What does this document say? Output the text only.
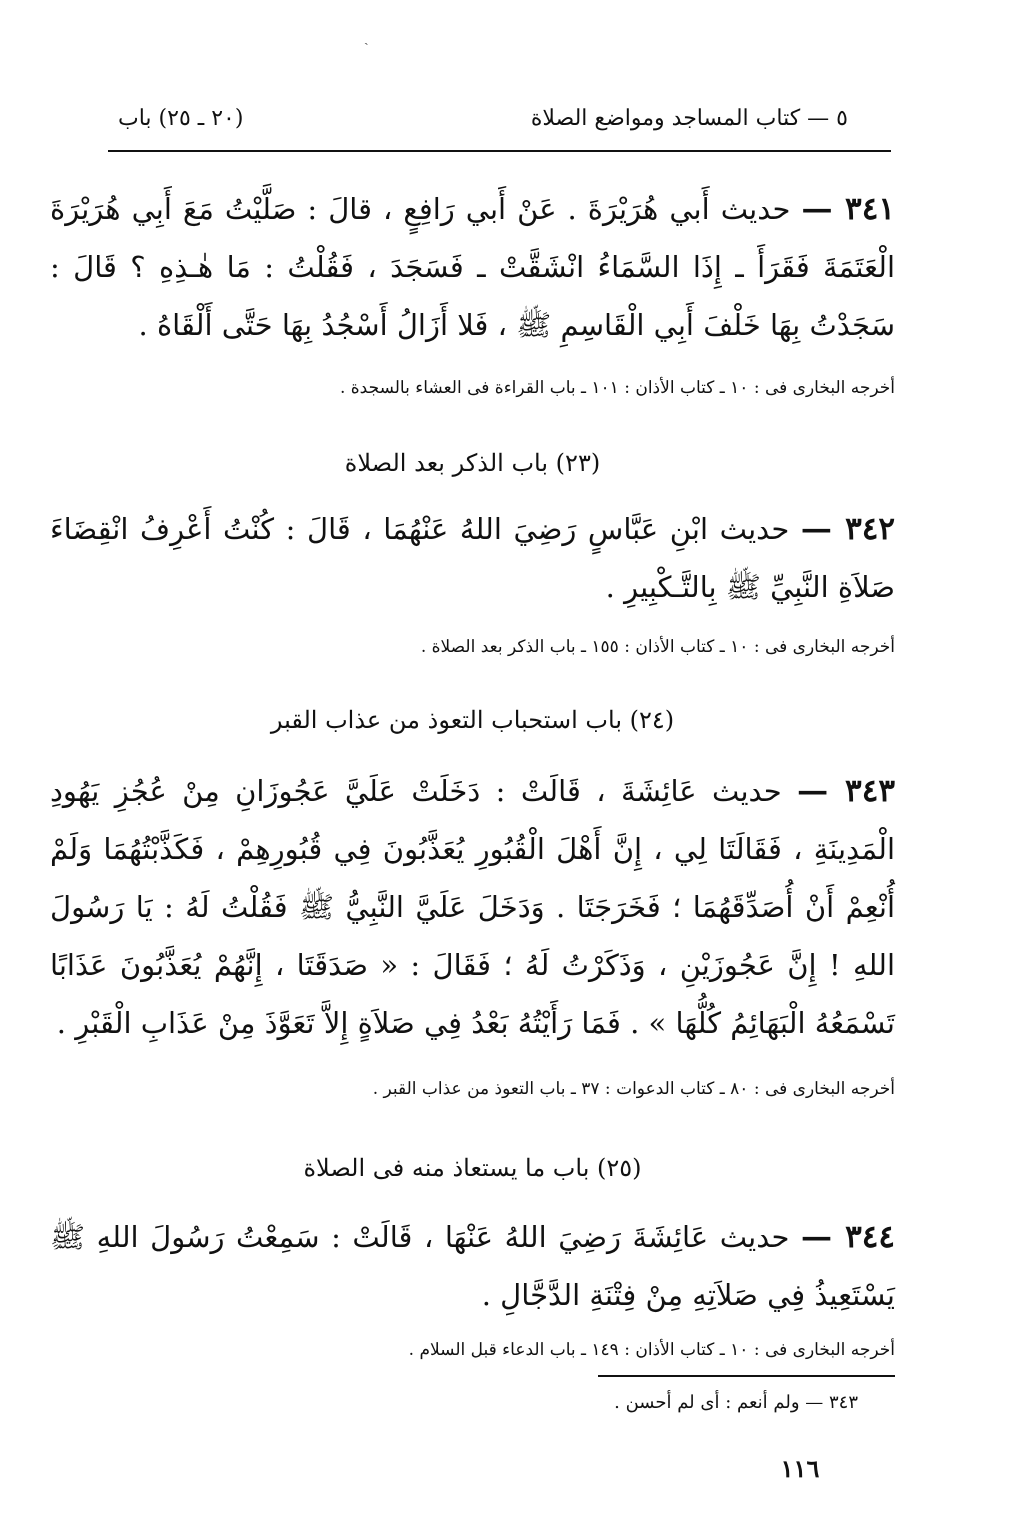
ˎ
٥ — كتاب المساجد ومواضع الصلاة
(٢٠ ـ ٢٥) باب
٣٤١ — حديث أَبي هُرَيْرَةَ . عَنْ أَبي رَافِعٍ ، قالَ : صَلَّيْتُ مَعَ أَبِي هُرَيْرَةَ الْعَتَمَةَ فَقَرَأَ ـ إِذَا السَّمَاءُ انْشَقَّتْ ـ فَسَجَدَ ، فَقُلْتُ : مَا هٰـذِهِ ؟ قَالَ : سَجَدْتُ بِهَا خَلْفَ أَبِي الْقَاسِمِ ﷺ ، فَلا أَزَالُ أَسْجُدُ بِهَا حَتَّى أَلْقَاهُ .
أخرجه البخارى فى : ١٠ ـ كتاب الأذان : ١٠١ ـ باب القراءة فى العشاء بالسجدة .
(٢٣) باب الذكر بعد الصلاة
٣٤٢ — حديث ابْنِ عَبَّاسٍ رَضِيَ اللهُ عَنْهُمَا ، قَالَ : كُنْتُ أَعْرِفُ انْقِضَاءَ صَلاَةِ النَّبِيِّ ﷺ بِالتَّـكْبِيرِ .
أخرجه البخارى فى : ١٠ ـ كتاب الأذان : ١٥٥ ـ باب الذكر بعد الصلاة .
(٢٤) باب استحباب التعوذ من عذاب القبر
٣٤٣ — حديث عَائِشَةَ ، قَالَتْ : دَخَلَتْ عَلَيَّ عَجُوزَانِ مِنْ عُجُزِ يَهُودِ الْمَدِينَةِ ، فَقَالَتَا لِي ، إِنَّ أَهْلَ الْقُبُورِ يُعَذَّبُونَ فِي قُبُورِهِمْ ، فَكَذَّبْتُهُمَا وَلَمْ أُنْعِمْ أَنْ أُصَدِّقَهُمَا ؛ فَخَرَجَتَا . وَدَخَلَ عَلَيَّ النَّبِيُّ ﷺ فَقُلْتُ لَهُ : يَا رَسُولَ اللهِ ! إِنَّ عَجُوزَيْنِ ، وَذَكَرْتُ لَهُ ؛ فَقَالَ : « صَدَقَتَا ، إِنَّهُمْ يُعَذَّبُونَ عَذَابًا تَسْمَعُهُ الْبَهَائِمُ كُلُّهَا » . فَمَا رَأَيْتُهُ بَعْدُ فِي صَلاَةٍ إِلاَّ تَعَوَّذَ مِنْ عَذَابِ الْقَبْرِ .
أخرجه البخارى فى : ٨٠ ـ كتاب الدعوات : ٣٧ ـ باب التعوذ من عذاب القبر .
(٢٥) باب ما يستعاذ منه فى الصلاة
٣٤٤ — حديث عَائِشَةَ رَضِيَ اللهُ عَنْهَا ، قَالَتْ : سَمِعْتُ رَسُولَ اللهِ ﷺ يَسْتَعِيذُ فِي صَلاَتِهِ مِنْ فِتْنَةِ الدَّجَّالِ .
أخرجه البخارى فى : ١٠ ـ كتاب الأذان : ١٤٩ ـ باب الدعاء قبل السلام .
٣٤٣ — ولم أنعم : أى لم أحسن .
١١٦
